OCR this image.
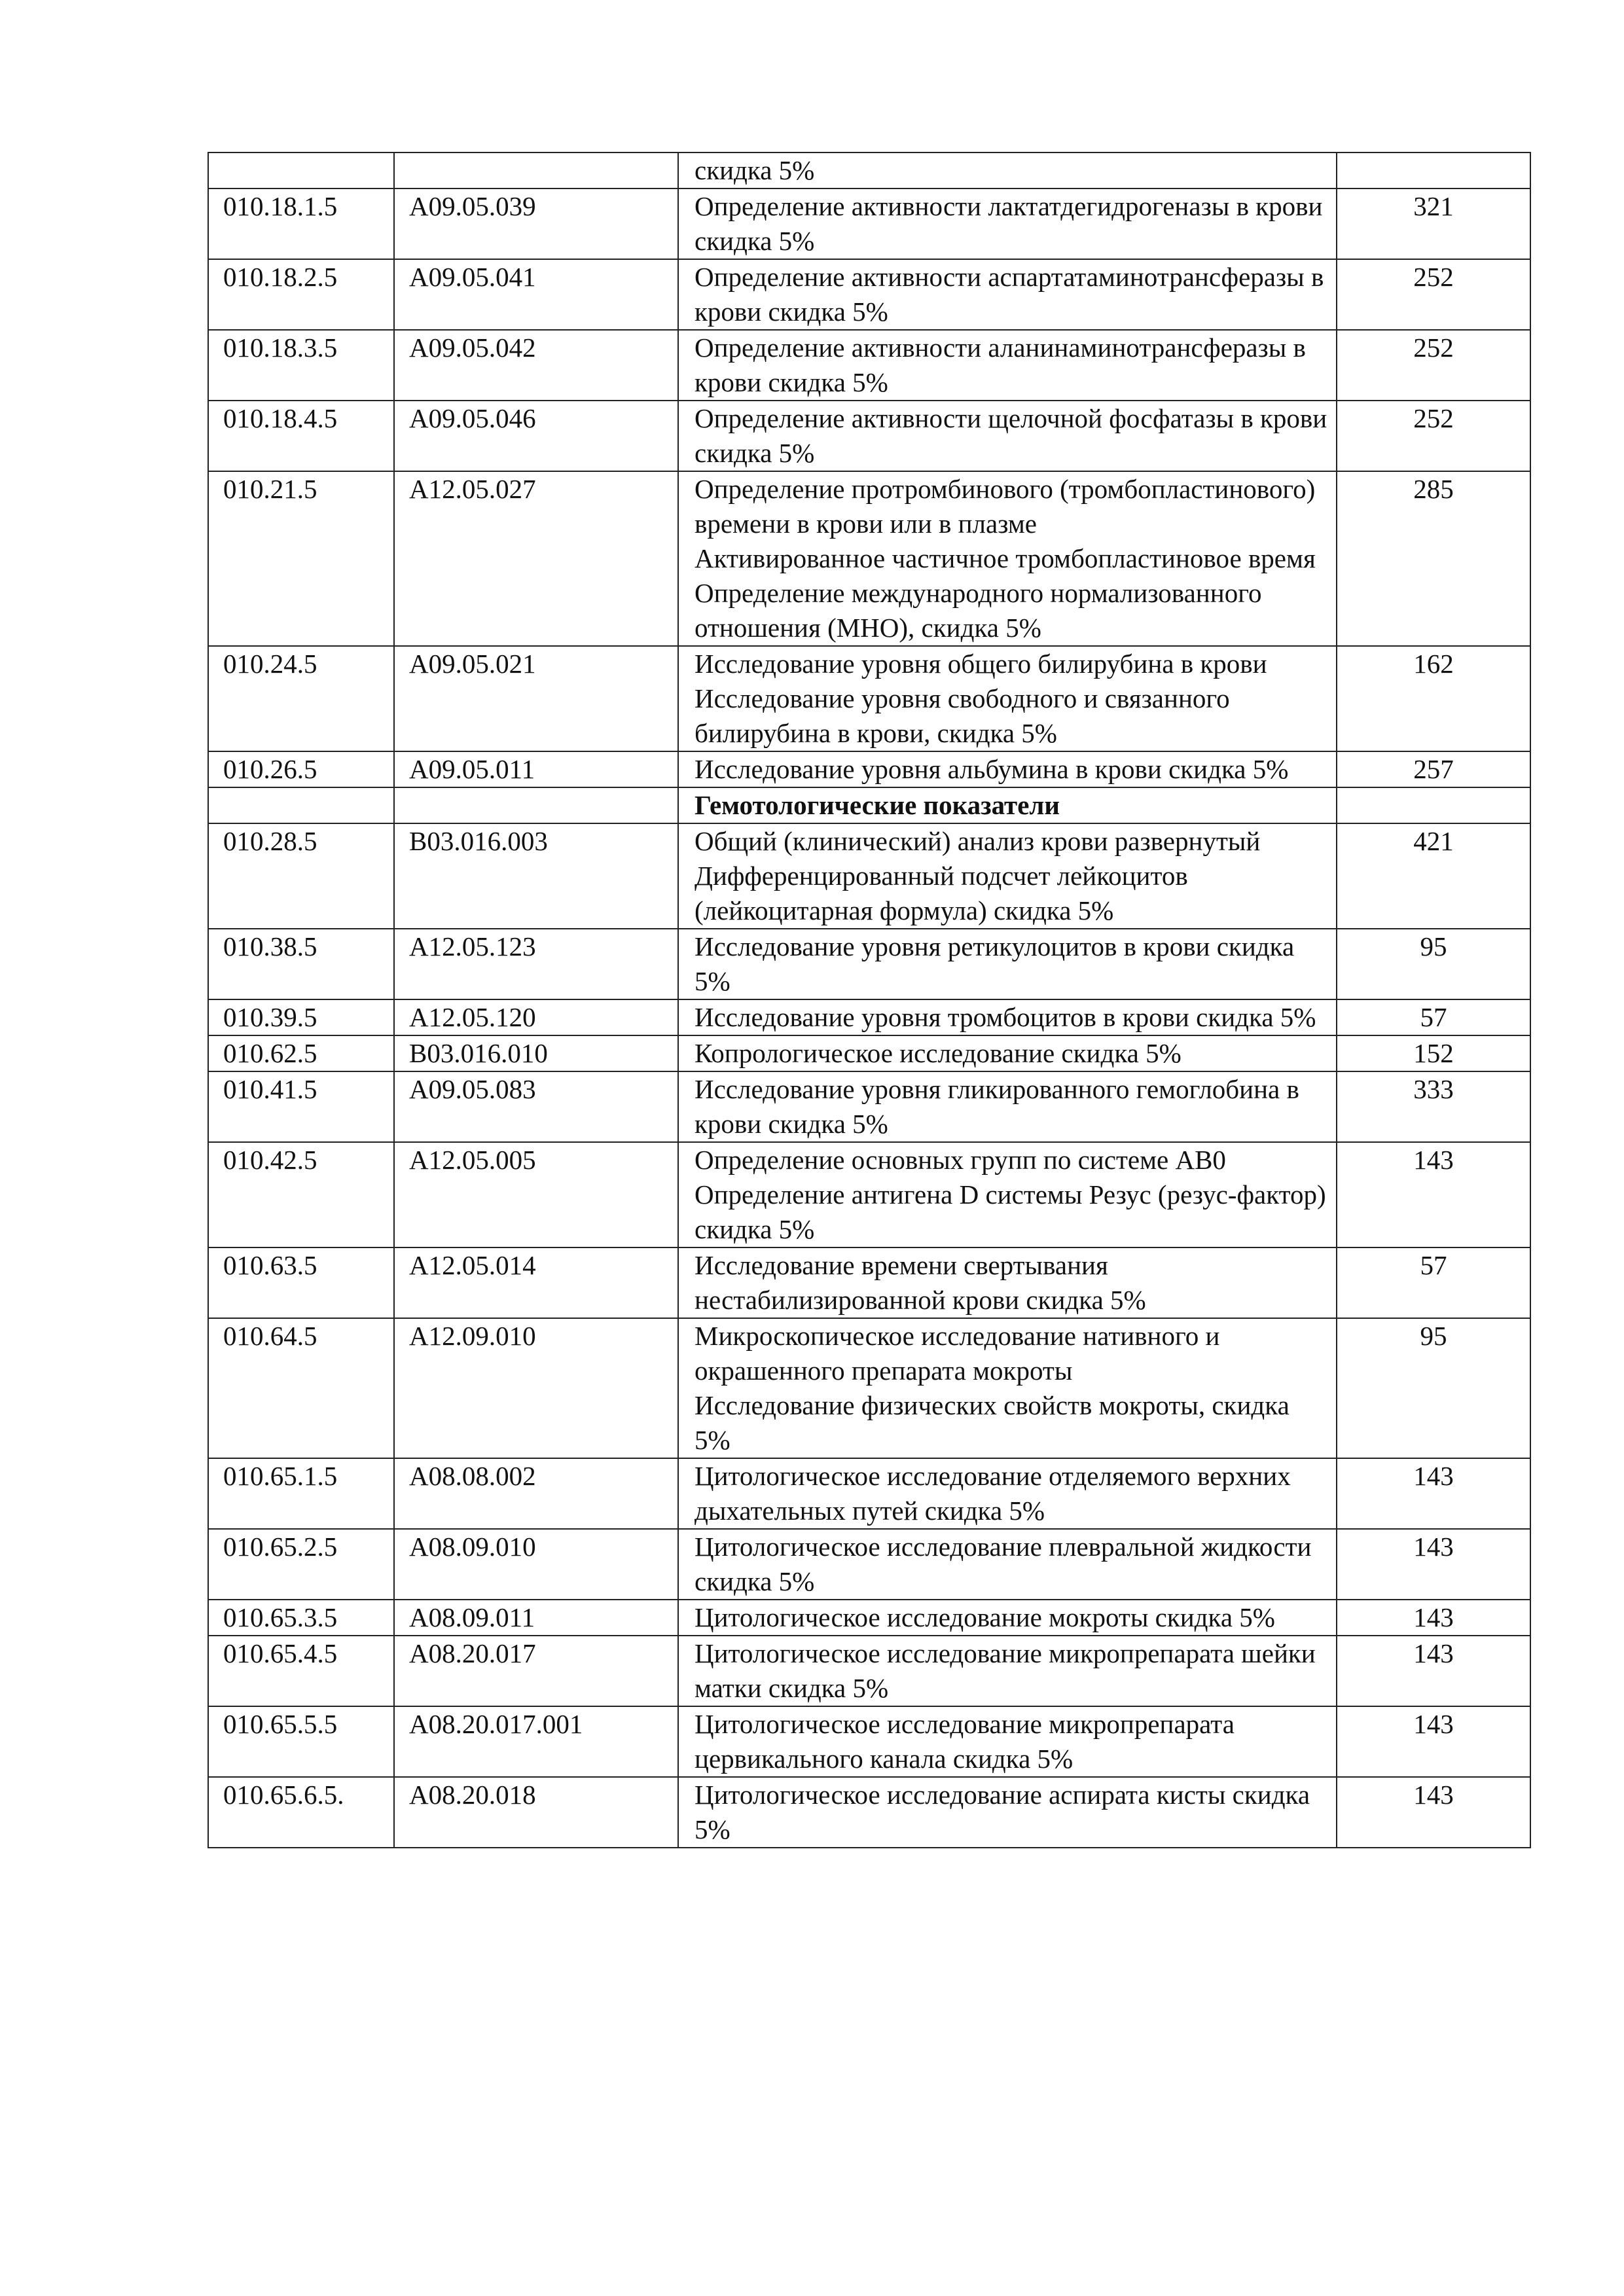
		скидка 5%	
010.18.1.5	A09.05.039	Определение активности лактатдегидрогеназы в крови скидка 5%	321
010.18.2.5	A09.05.041	Определение активности аспартатаминотрансферазы в крови скидка 5%	252
010.18.3.5	A09.05.042	Определение активности аланинаминотрансферазы в крови скидка 5%	252
010.18.4.5	A09.05.046	Определение активности щелочной фосфатазы в крови скидка 5%	252
010.21.5	A12.05.027	Определение протромбинового (тромбопластинового) времени в крови или в плазме
Активированное частичное тромбопластиновое время
Определение международного нормализованного отношения (МНО), скидка 5%	285
010.24.5	A09.05.021	Исследование уровня общего билирубина в крови
Исследование уровня свободного и связанного билирубина в крови, скидка 5%	162
010.26.5	A09.05.011	Исследование уровня альбумина в крови скидка 5%	257
		Гемотологические показатели	
010.28.5	B03.016.003	Общий (клинический) анализ крови развернутый
Дифференцированный подсчет лейкоцитов (лейкоцитарная формула) скидка 5%	421
010.38.5	A12.05.123	Исследование уровня ретикулоцитов в крови скидка 5%	95
010.39.5	A12.05.120	Исследование уровня тромбоцитов в крови скидка 5%	57
010.62.5	B03.016.010	Копрологическое исследование скидка 5%	152
010.41.5	A09.05.083	Исследование уровня гликированного гемоглобина в крови скидка 5%	333
010.42.5	A12.05.005	Определение основных групп по системе AB0
Определение антигена D системы Резус (резус-фактор) скидка 5%	143
010.63.5	A12.05.014	Исследование времени свертывания нестабилизированной крови скидка 5%	57
010.64.5	A12.09.010	Микроскопическое исследование нативного и окрашенного препарата мокроты
Исследование физических свойств мокроты, скидка 5%	95
010.65.1.5	A08.08.002	Цитологическое исследование отделяемого верхних дыхательных путей скидка 5%	143
010.65.2.5	A08.09.010	Цитологическое исследование плевральной жидкости скидка 5%	143
010.65.3.5	A08.09.011	Цитологическое исследование мокроты скидка 5%	143
010.65.4.5	A08.20.017	Цитологическое исследование микропрепарата шейки матки скидка 5%	143
010.65.5.5	A08.20.017.001	Цитологическое исследование микропрепарата цервикального канала скидка 5%	143
010.65.6.5.	A08.20.018	Цитологическое исследование аспирата кисты скидка 5%	143
